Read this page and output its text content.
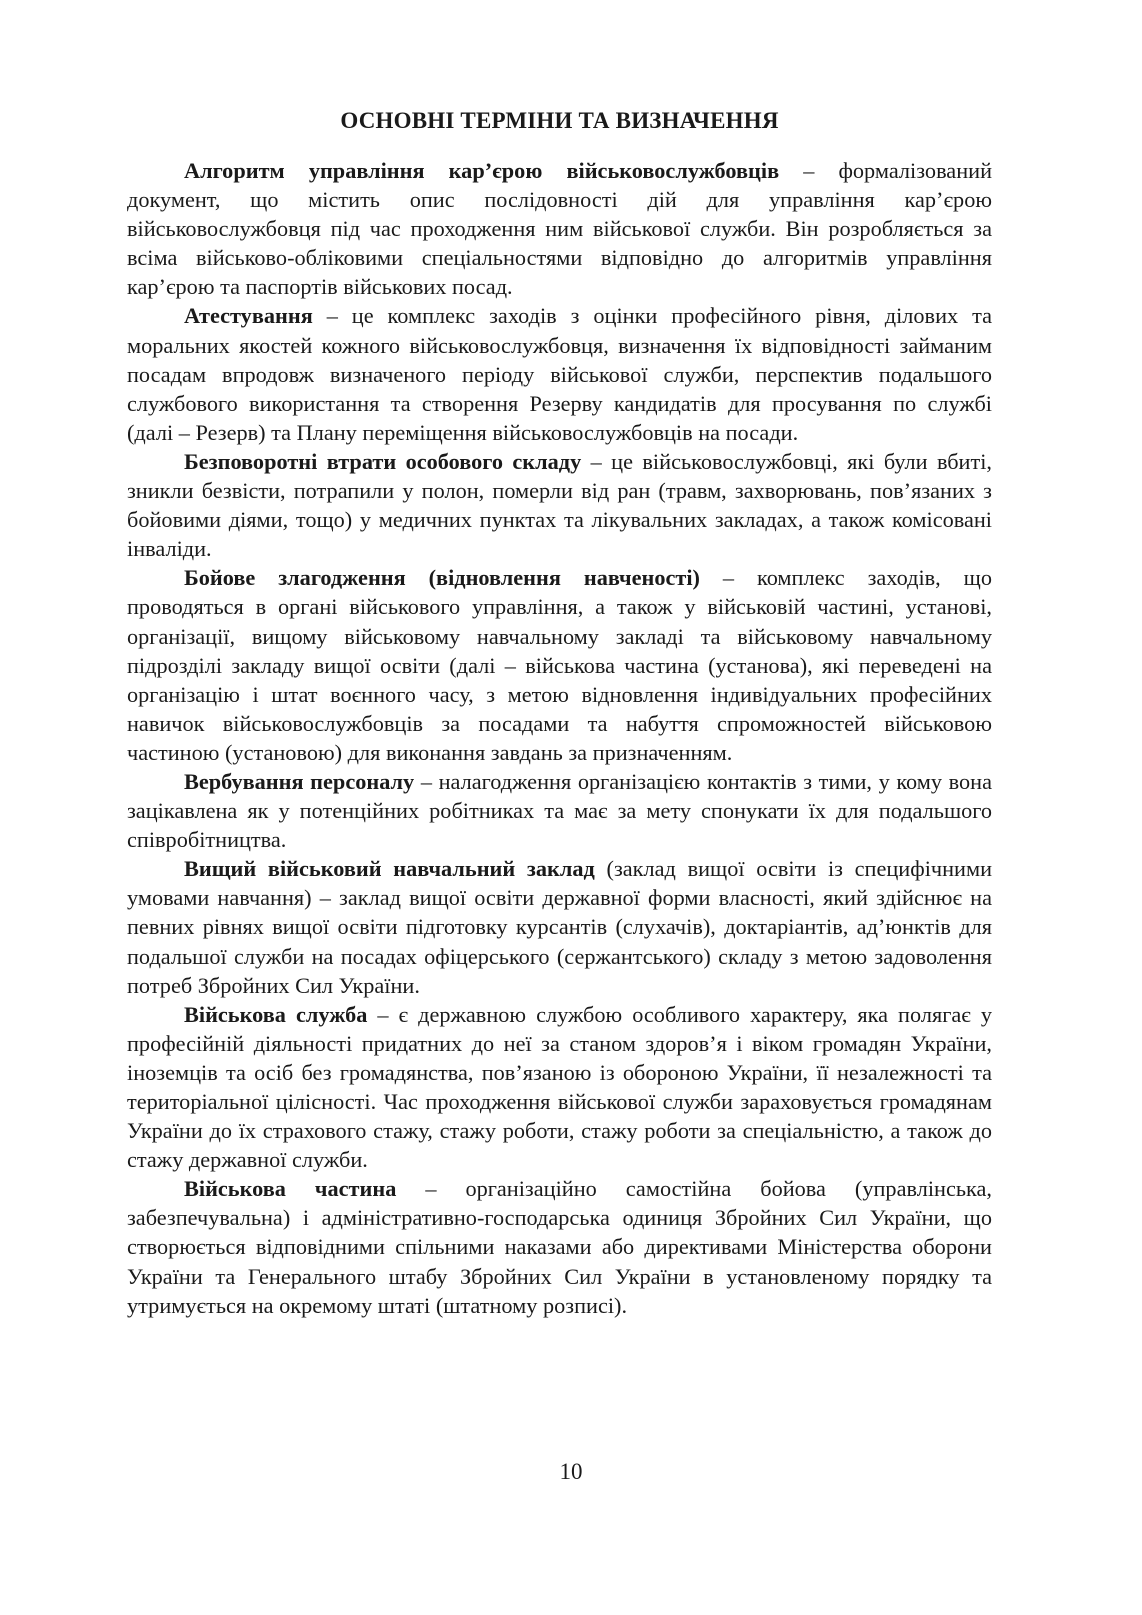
ОСНОВНІ ТЕРМІНИ ТА ВИЗНАЧЕННЯ

Алгоритм управління кар’єрою військовослужбовців – формалізований документ, що містить опис послідовності дій для управління кар’єрою військовослужбовця під час проходження ним військової служби. Він розробляється за всіма військово-обліковими спеціальностями відповідно до алгоритмів управління кар’єрою та паспортів військових посад.

Атестування – це комплекс заходів з оцінки професійного рівня, ділових та моральних якостей кожного військовослужбовця, визначення їх відповідності займаним посадам впродовж визначеного періоду військової служби, перспектив подальшого службового використання та створення Резерву кандидатів для просування по службі (далі – Резерв) та Плану переміщення військовослужбовців на посади.

Безповоротні втрати особового складу – це військовослужбовці, які були вбиті, зникли безвісти, потрапили у полон, померли від ран (травм, захворювань, пов’язаних з бойовими діями, тощо) у медичних пунктах та лікувальних закладах, а також комісовані інваліди.

Бойове злагодження (відновлення навченості) – комплекс заходів, що проводяться в органі військового управління, а також у військовій частині, установі, організації, вищому військовому навчальному закладі та військовому навчальному підрозділі закладу вищої освіти (далі – військова частина (установа), які переведені на організацію і штат воєнного часу, з метою відновлення індивідуальних професійних навичок військовослужбовців за посадами та набуття спроможностей військовою частиною (установою) для виконання завдань за призначенням.

Вербування персоналу – налагодження організацією контактів з тими, у кому вона зацікавлена як у потенційних робітниках та має за мету спонукати їх для подальшого співробітництва.

Вищий військовий навчальний заклад (заклад вищої освіти із специфічними умовами навчання) – заклад вищої освіти державної форми власності, який здійснює на певних рівнях вищої освіти підготовку курсантів (слухачів), доктаріантів, ад’юнктів для подальшої служби на посадах офіцерського (сержантського) складу з метою задоволення потреб Збройних Сил України.

Військова служба – є державною службою особливого характеру, яка полягає у професійній діяльності придатних до неї за станом здоров’я і віком громадян України, іноземців та осіб без громадянства, пов’язаною із обороною України, її незалежності та територіальної цілісності. Час проходження військової служби зараховується громадянам України до їх страхового стажу, стажу роботи, стажу роботи за спеціальністю, а також до стажу державної служби.

Військова частина – організаційно самостійна бойова (управлінська, забезпечувальна) і адміністративно-господарська одиниця Збройних Сил України, що створюється відповідними спільними наказами або директивами Міністерства оборони України та Генерального штабу Збройних Сил України в установленому порядку та утримується на окремому штаті (штатному розписі).

10
